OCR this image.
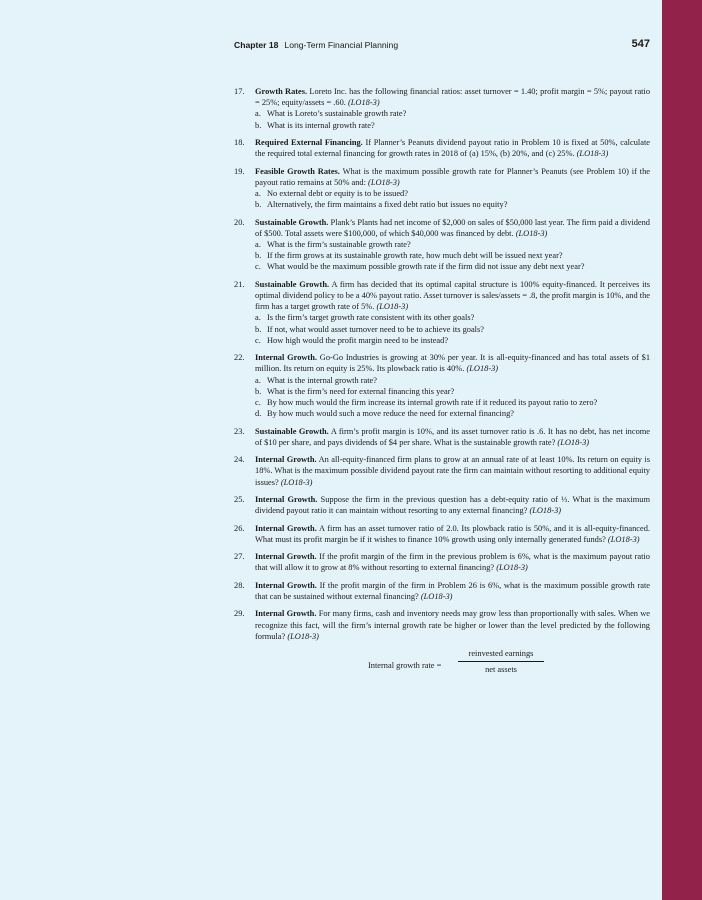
Chapter 18 Long-Term Financial Planning	547
17. Growth Rates. Loreto Inc. has the following financial ratios: asset turnover = 1.40; profit margin = 5%; payout ratio = 25%; equity/assets = .60. (LO18-3)
a. What is Loreto’s sustainable growth rate?
b. What is its internal growth rate?
18. Required External Financing. If Planner’s Peanuts dividend payout ratio in Problem 10 is fixed at 50%, calculate the required total external financing for growth rates in 2018 of (a) 15%, (b) 20%, and (c) 25%. (LO18-3)
19. Feasible Growth Rates. What is the maximum possible growth rate for Planner’s Peanuts (see Problem 10) if the payout ratio remains at 50% and: (LO18-3)
a. No external debt or equity is to be issued?
b. Alternatively, the firm maintains a fixed debt ratio but issues no equity?
20. Sustainable Growth. Plank’s Plants had net income of $2,000 on sales of $50,000 last year. The firm paid a dividend of $500. Total assets were $100,000, of which $40,000 was financed by debt. (LO18-3)
a. What is the firm’s sustainable growth rate?
b. If the firm grows at its sustainable growth rate, how much debt will be issued next year?
c. What would be the maximum possible growth rate if the firm did not issue any debt next year?
21. Sustainable Growth. A firm has decided that its optimal capital structure is 100% equity-financed. It perceives its optimal dividend policy to be a 40% payout ratio. Asset turnover is sales/assets = .8, the profit margin is 10%, and the firm has a target growth rate of 5%. (LO18-3)
a. Is the firm’s target growth rate consistent with its other goals?
b. If not, what would asset turnover need to be to achieve its goals?
c. How high would the profit margin need to be instead?
22. Internal Growth. Go-Go Industries is growing at 30% per year. It is all-equity-financed and has total assets of $1 million. Its return on equity is 25%. Its plowback ratio is 40%. (LO18-3)
a. What is the internal growth rate?
b. What is the firm’s need for external financing this year?
c. By how much would the firm increase its internal growth rate if it reduced its payout ratio to zero?
d. By how much would such a move reduce the need for external financing?
23. Sustainable Growth. A firm’s profit margin is 10%, and its asset turnover ratio is .6. It has no debt, has net income of $10 per share, and pays dividends of $4 per share. What is the sustainable growth rate? (LO18-3)
24. Internal Growth. An all-equity-financed firm plans to grow at an annual rate of at least 10%. Its return on equity is 18%. What is the maximum possible dividend payout rate the firm can maintain without resorting to additional equity issues? (LO18-3)
25. Internal Growth. Suppose the firm in the previous question has a debt-equity ratio of ⅓. What is the maximum dividend payout ratio it can maintain without resorting to any external financing? (LO18-3)
26. Internal Growth. A firm has an asset turnover ratio of 2.0. Its plowback ratio is 50%, and it is all-equity-financed. What must its profit margin be if it wishes to finance 10% growth using only internally generated funds? (LO18-3)
27. Internal Growth. If the profit margin of the firm in the previous problem is 6%, what is the maximum payout ratio that will allow it to grow at 8% without resorting to external financing? (LO18-3)
28. Internal Growth. If the profit margin of the firm in Problem 26 is 6%, what is the maximum possible growth rate that can be sustained without external financing? (LO18-3)
29. Internal Growth. For many firms, cash and inventory needs may grow less than proportionally with sales. When we recognize this fact, will the firm’s internal growth rate be higher or lower than the level predicted by the following formula? (LO18-3)
Internal growth rate =
reinvested earnings
net assets
